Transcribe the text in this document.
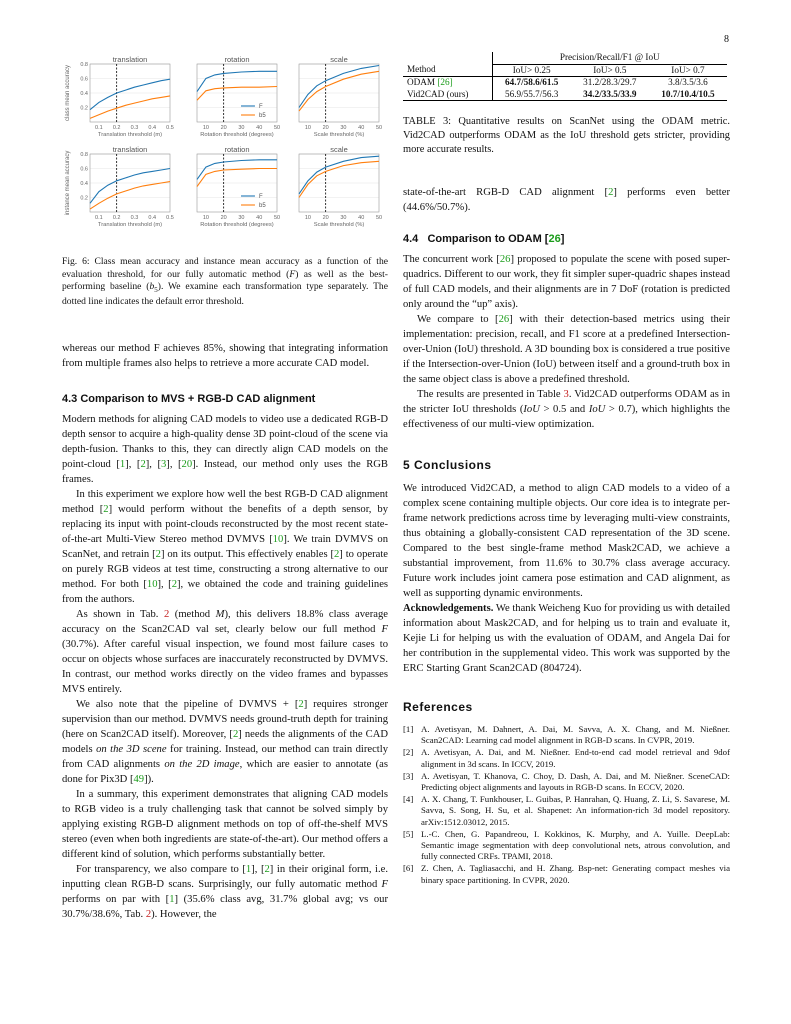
8
translation
0.1 0.2 0.3 0.4 0.5
Translation threshold (m)
0.2
0.4
0.6
0.8
rotation
10 20 30 40 50
Rotation threshold (degrees)
F
b5
scale
10 20 30 40 50
Scale threshold (%)
translation
0.1 0.2 0.3 0.4 0.5
Translation threshold (m)
0.2
0.4
0.6
0.8
rotation
10 20 30 40 50
Rotation threshold (degrees)
F
b5
scale
10 20 30 40 50
Scale threshold (%)
class mean accuracy
instance mean accuracy
Fig. 6: Class mean accuracy and instance mean accuracy as a function of the evaluation threshold, for our fully automatic method (F) as well as the best-performing baseline $(b_5)$. We examine each transformation type separately. The dotted line indicates the default error threshold.

whereas our method F achieves 85%, showing that integrating information from multiple frames also helps to retrieve a more accurate CAD model.

4.3 Comparison to MVS + RGB-D CAD alignment

Modern methods for aligning CAD models to video use a dedicated RGB-D depth sensor to acquire a high-quality dense 3D point-cloud of the scene via depth-fusion. Thanks to this, they can directly align CAD models on the point-cloud [1], [2], [3], [20]. Instead, our method only uses the RGB frames.

In this experiment we explore how well the best RGB-D CAD alignment method [2] would perform without the benefits of a depth sensor, by replacing its input with point-clouds reconstructed by the most recent state-of-the-art Multi-View Stereo method DVMVS [10]. We train DVMVS on ScanNet, and retrain [2] on its output. This effectively enables [2] to operate on purely RGB videos at test time, constructing a strong alternative to our method. For both [10], [2], we obtained the code and training guidelines from the authors.

As shown in Tab. 2 (method M), this delivers 18.8% class average accuracy on the Scan2CAD val set, clearly below our full method F (30.7%). After careful visual inspection, we found most failure cases to occur on objects whose surfaces are inaccurately reconstructed by DVMVS. In contrast, our method works directly on the video frames and bypasses MVS entirely.

We also note that the pipeline of DVMVS + [2] requires stronger supervision than our method. DVMVS needs ground-truth depth for training (here on Scan2CAD itself). Moreover, [2] needs the alignments of the CAD models on the 3D scene for training. Instead, our method can train directly from CAD alignments on the 2D image, which are easier to annotate (as done for Pix3D [49]).

In a summary, this experiment demonstrates that aligning CAD models to RGB video is a truly challenging task that cannot be solved simply by applying existing RGB-D alignment methods on top of off-the-shelf MVS stereo (even when both ingredients are state-of-the-art). Our method offers a different kind of solution, which performs substantially better.

For transparency, we also compare to [1], [2] in their original form, i.e. inputting clean RGB-D scans. Surprisingly, our fully automatic method F performs on par with [1] (35.6% class avg, 31.7% global avg; vs our 30.7%/38.6%, Tab. 2). However, the

	Precision/Recall/F1 @ IoU		
Method	IoU> 0.25	IoU> 0.5	IoU> 0.7
ODAM [26]	64.7/58.6/61.5	31.2/28.3/29.7	3.8/3.5/3.6
Vid2CAD (ours)	56.9/55.7/56.3	34.2/33.5/33.9	10.7/10.4/10.5

TABLE 3: Quantitative results on ScanNet using the ODAM metric. Vid2CAD outperforms ODAM as the IoU threshold gets stricter, providing more accurate results.

state-of-the-art RGB-D CAD alignment [2] performs even better (44.6%/50.7%).

4.4   Comparison to ODAM [26]

The concurrent work [26] proposed to populate the scene with posed super-quadrics. Different to our work, they fit simpler super-quadric shapes instead of full CAD models, and their alignments are in 7 DoF (rotation is predicted only around the “up” axis).

We compare to [26] with their detection-based metrics using their implementation: precision, recall, and F1 score at a predefined Intersection-over-Union (IoU) threshold. A 3D bounding box is considered a true positive if the Intersection-over-Union (IoU) between itself and a ground-truth box in the same object class is above a predefined threshold.

The results are presented in Table 3. Vid2CAD outperforms ODAM as in the stricter IoU thresholds (IoU > 0.5 and IoU > 0.7), which highlights the effectiveness of our multi-view optimization.

5 Conclusions

We introduced Vid2CAD, a method to align CAD models to a video of a complex scene containing multiple objects. Our core idea is to integrate per-frame network predictions across time by leveraging multi-view constraints, thus obtaining a globally-consistent CAD representation of the 3D scene. Compared to the best single-frame method Mask2CAD, we achieve a substantial improvement, from 11.6% to 30.7% class average accuracy. Future work includes joint camera pose estimation and CAD alignment, as well as supporting dynamic environments.

Acknowledgements. We thank Weicheng Kuo for providing us with detailed information about Mask2CAD, and for helping us to train and evaluate it, Kejie Li for helping us with the evaluation of ODAM, and Angela Dai for her contribution in the supplemental video. This work was supported by the ERC Starting Grant Scan2CAD (804724).

References
[1] A. Avetisyan, M. Dahnert, A. Dai, M. Savva, A. X. Chang, and M. Nießner. Scan2CAD: Learning cad model alignment in RGB-D scans. In CVPR, 2019.
[2] A. Avetisyan, A. Dai, and M. Nießner. End-to-end cad model retrieval and 9dof alignment in 3d scans. In ICCV, 2019.
[3] A. Avetisyan, T. Khanova, C. Choy, D. Dash, A. Dai, and M. Nießner. SceneCAD: Predicting object alignments and layouts in RGB-D scans. In ECCV, 2020.
[4] A. X. Chang, T. Funkhouser, L. Guibas, P. Hanrahan, Q. Huang, Z. Li, S. Savarese, M. Savva, S. Song, H. Su, et al. Shapenet: An information-rich 3d model repository. arXiv:1512.03012, 2015.
[5] L.-C. Chen, G. Papandreou, I. Kokkinos, K. Murphy, and A. Yuille. DeepLab: Semantic image segmentation with deep convolutional nets, atrous convolution, and fully connected CRFs. TPAMI, 2018.
[6] Z. Chen, A. Tagliasacchi, and H. Zhang. Bsp-net: Generating compact meshes via binary space partitioning. In CVPR, 2020.
